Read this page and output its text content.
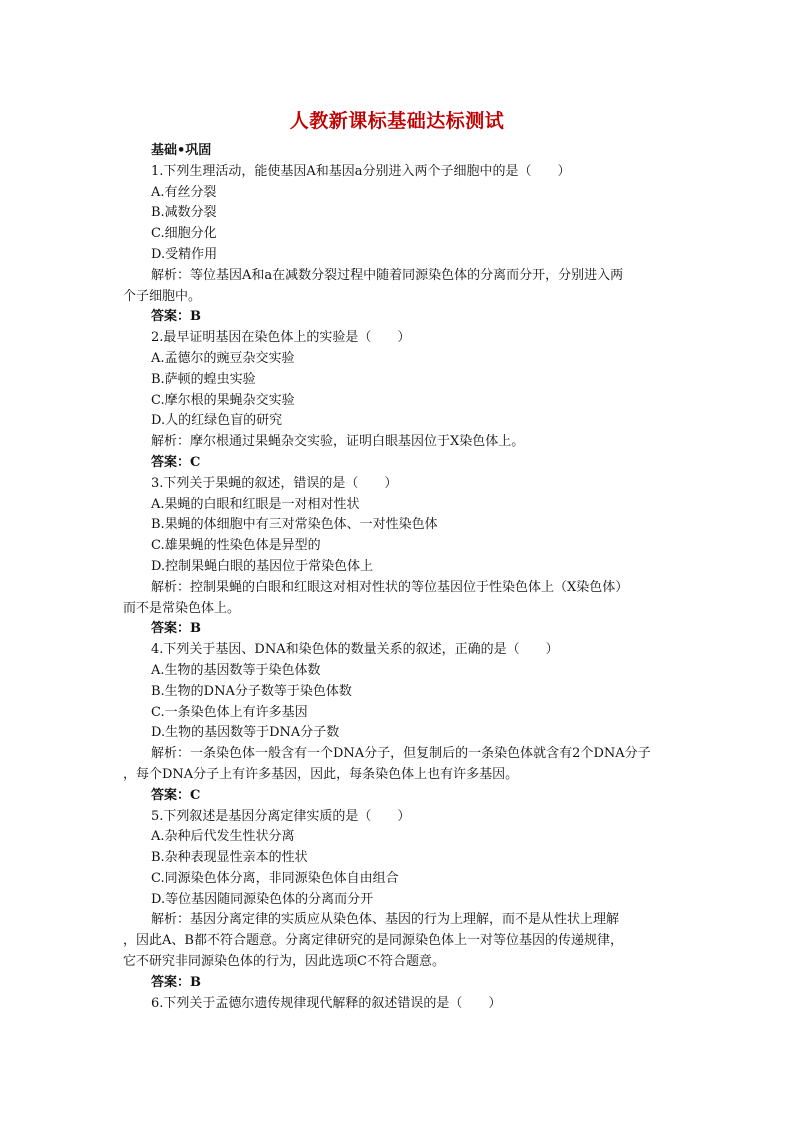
人教新课标基础达标测试

基础•巩固

1.下列生理活动，能使基因A和基因a分别进入两个子细胞中的是（　　）

A.有丝分裂

B.减数分裂

C.细胞分化

D.受精作用

解析：等位基因A和a在减数分裂过程中随着同源染色体的分离而分开，分别进入两

个子细胞中。

答案：B

2.最早证明基因在染色体上的实验是（　　）

A.孟德尔的豌豆杂交实验

B.萨顿的蝗虫实验

C.摩尔根的果蝇杂交实验

D.人的红绿色盲的研究

解析：摩尔根通过果蝇杂交实验，证明白眼基因位于X染色体上。

答案：C

3.下列关于果蝇的叙述，错误的是（　　）

A.果蝇的白眼和红眼是一对相对性状

B.果蝇的体细胞中有三对常染色体、一对性染色体

C.雄果蝇的性染色体是异型的

D.控制果蝇白眼的基因位于常染色体上

解析：控制果蝇的白眼和红眼这对相对性状的等位基因位于性染色体上（X染色体）

而不是常染色体上。

答案：B

4.下列关于基因、DNA和染色体的数量关系的叙述，正确的是（　　）

A.生物的基因数等于染色体数

B.生物的DNA分子数等于染色体数

C.一条染色体上有许多基因

D.生物的基因数等于DNA分子数

解析：一条染色体一般含有一个DNA分子，但复制后的一条染色体就含有2个DNA分子

，每个DNA分子上有许多基因，因此，每条染色体上也有许多基因。

答案：C

5.下列叙述是基因分离定律实质的是（　　）

A.杂种后代发生性状分离

B.杂种表现显性亲本的性状

C.同源染色体分离，非同源染色体自由组合

D.等位基因随同源染色体的分离而分开

解析：基因分离定律的实质应从染色体、基因的行为上理解，而不是从性状上理解

，因此A、B都不符合题意。分离定律研究的是同源染色体上一对等位基因的传递规律，

它不研究非同源染色体的行为，因此选项C不符合题意。

答案：B

6.下列关于孟德尔遗传规律现代解释的叙述错误的是（　　）
